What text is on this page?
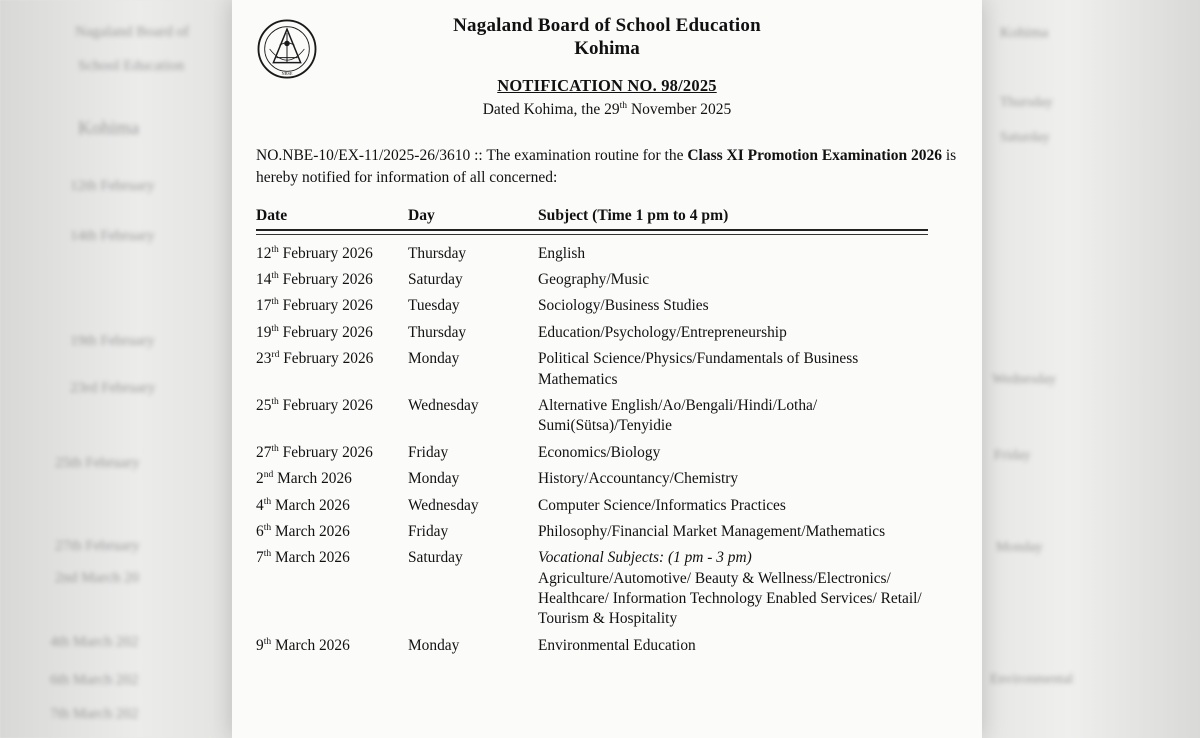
Nagaland Board of
School Education
Kohima
12th February
14th February
19th February
23rd February
25th February
27th February
2nd March 20
4th March 202
6th March 202
7th March 202
Kohima
Thursday
Saturday
Wednesday
Friday
Monday
Environmental
NBSE
Nagaland Board of School Education
Kohima
NOTIFICATION NO. 98/2025
Dated Kohima, the 29th November 2025
NO.NBE-10/EX-11/2025-26/3610 :: The examination routine for the Class XI Promotion Examination 2026 is hereby notified for information of all concerned:
Date	Day	Subject (Time 1 pm to 4 pm)

12th February 2026	Thursday	English
14th February 2026	Saturday	Geography/Music
17th February 2026	Tuesday	Sociology/Business Studies
19th February 2026	Thursday	Education/Psychology/Entrepreneurship
23rd February 2026	Monday	Political Science/Physics/Fundamentals of Business Mathematics
25th February 2026	Wednesday	Alternative English/Ao/Bengali/Hindi/Lotha/ Sumi(Sütsa)/Tenyidie
27th February 2026	Friday	Economics/Biology
2nd March 2026	Monday	History/Accountancy/Chemistry
4th March 2026	Wednesday	Computer Science/Informatics Practices
6th March 2026	Friday	Philosophy/Financial Market Management/Mathematics
7th March 2026	Saturday	Vocational Subjects: (1 pm - 3 pm)
Agriculture/Automotive/ Beauty & Wellness/Electronics/ Healthcare/ Information Technology Enabled Services/ Retail/ Tourism & Hospitality

9th March 2026	Monday	Environmental Education
